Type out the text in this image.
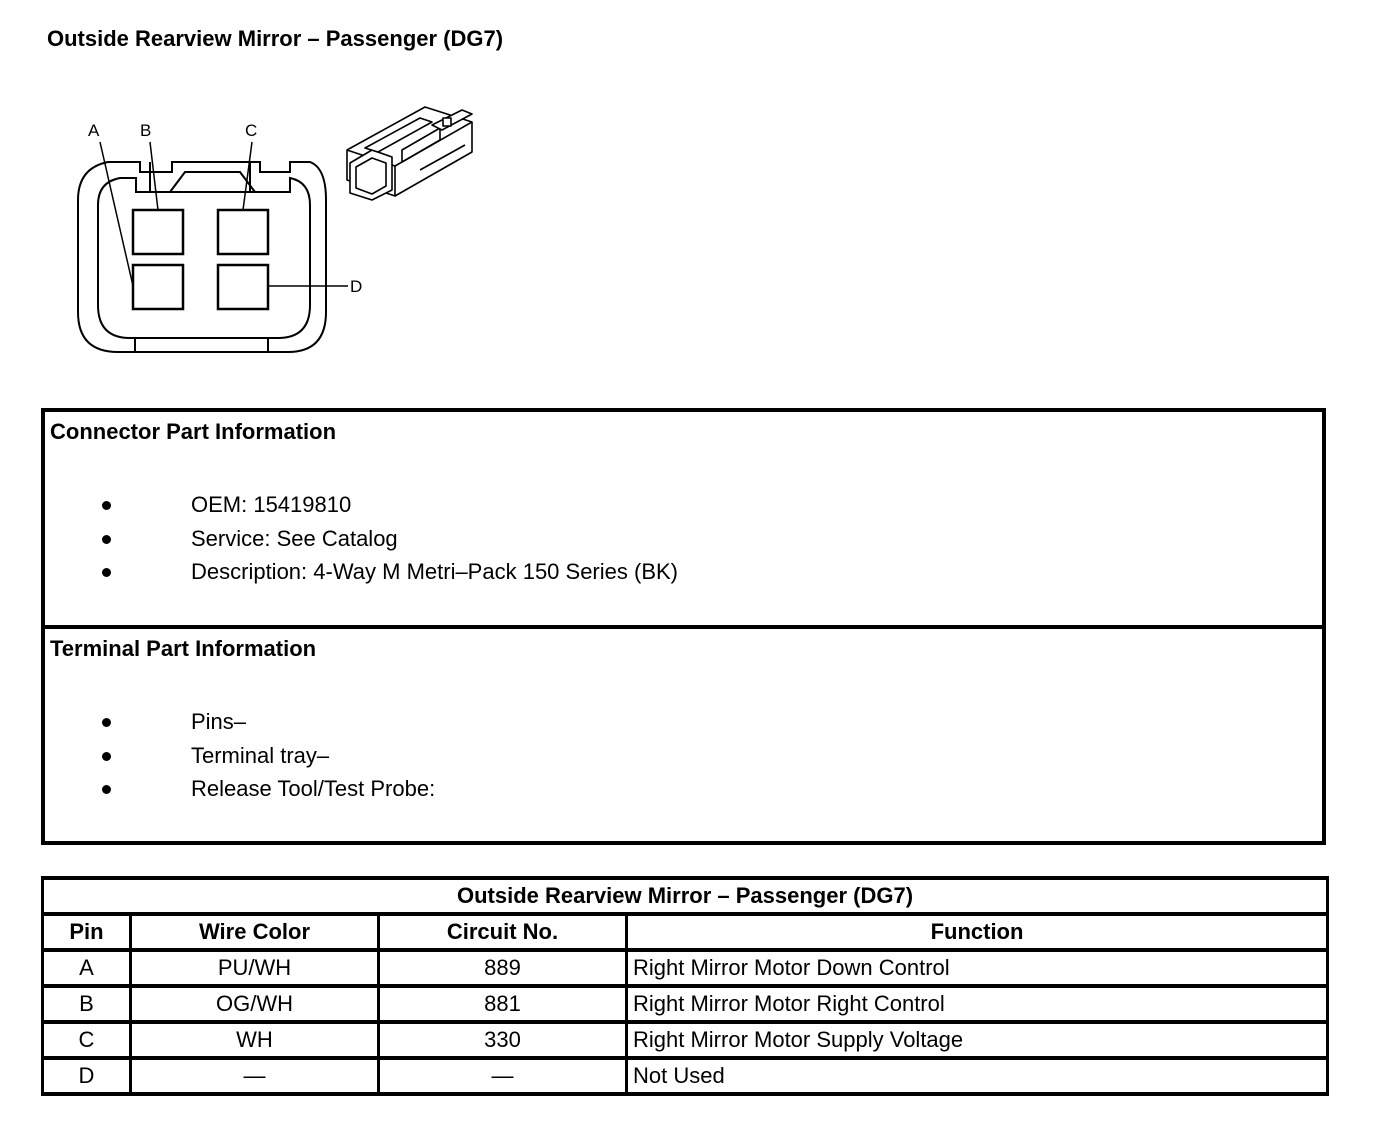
Outside Rearview Mirror – Passenger (DG7)
A B	C
D
Connector Part Information
OEM: 15419810
Service: See Catalog
Description: 4-Way M Metri–Pack 150 Series (BK)
Terminal Part Information
Pins–
Terminal tray–
Release Tool/Test Probe:
Outside Rearview Mirror – Passenger (DG7)			
Pin	Wire Color	Circuit No.	Function
A	PU/WH	889	Right Mirror Motor Down Control
B	OG/WH	881	Right Mirror Motor Right Control
C	WH	330	Right Mirror Motor Supply Voltage
D	—	—	Not Used
